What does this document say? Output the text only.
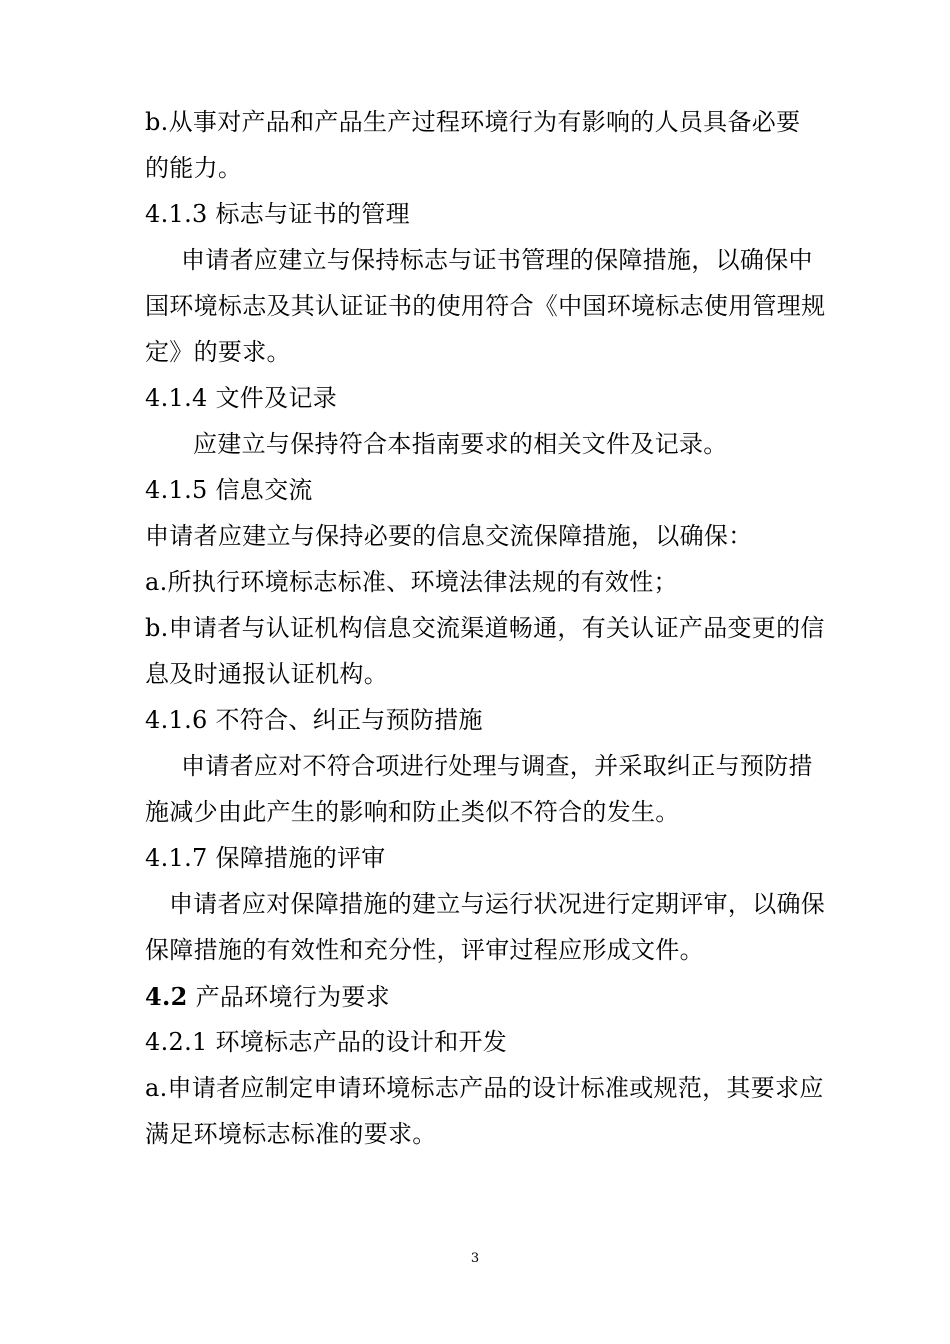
b.从事对产品和产品生产过程环境行为有影响的人员具备必要
的能力。
4.1.3 标志与证书的管理
申请者应建立与保持标志与证书管理的保障措施，以确保中
国环境标志及其认证证书的使用符合《中国环境标志使用管理规
定》的要求。
4.1.4 文件及记录
应建立与保持符合本指南要求的相关文件及记录。
4.1.5 信息交流
申请者应建立与保持必要的信息交流保障措施，以确保：
a.所执行环境标志标准、环境法律法规的有效性；
b.申请者与认证机构信息交流渠道畅通，有关认证产品变更的信
息及时通报认证机构。
4.1.6 不符合、纠正与预防措施
申请者应对不符合项进行处理与调查，并采取纠正与预防措
施减少由此产生的影响和防止类似不符合的发生。
4.1.7 保障措施的评审
申请者应对保障措施的建立与运行状况进行定期评审，以确保
保障措施的有效性和充分性，评审过程应形成文件。
4.2 产品环境行为要求
4.2.1 环境标志产品的设计和开发
a.申请者应制定申请环境标志产品的设计标准或规范，其要求应
满足环境标志标准的要求。
3
